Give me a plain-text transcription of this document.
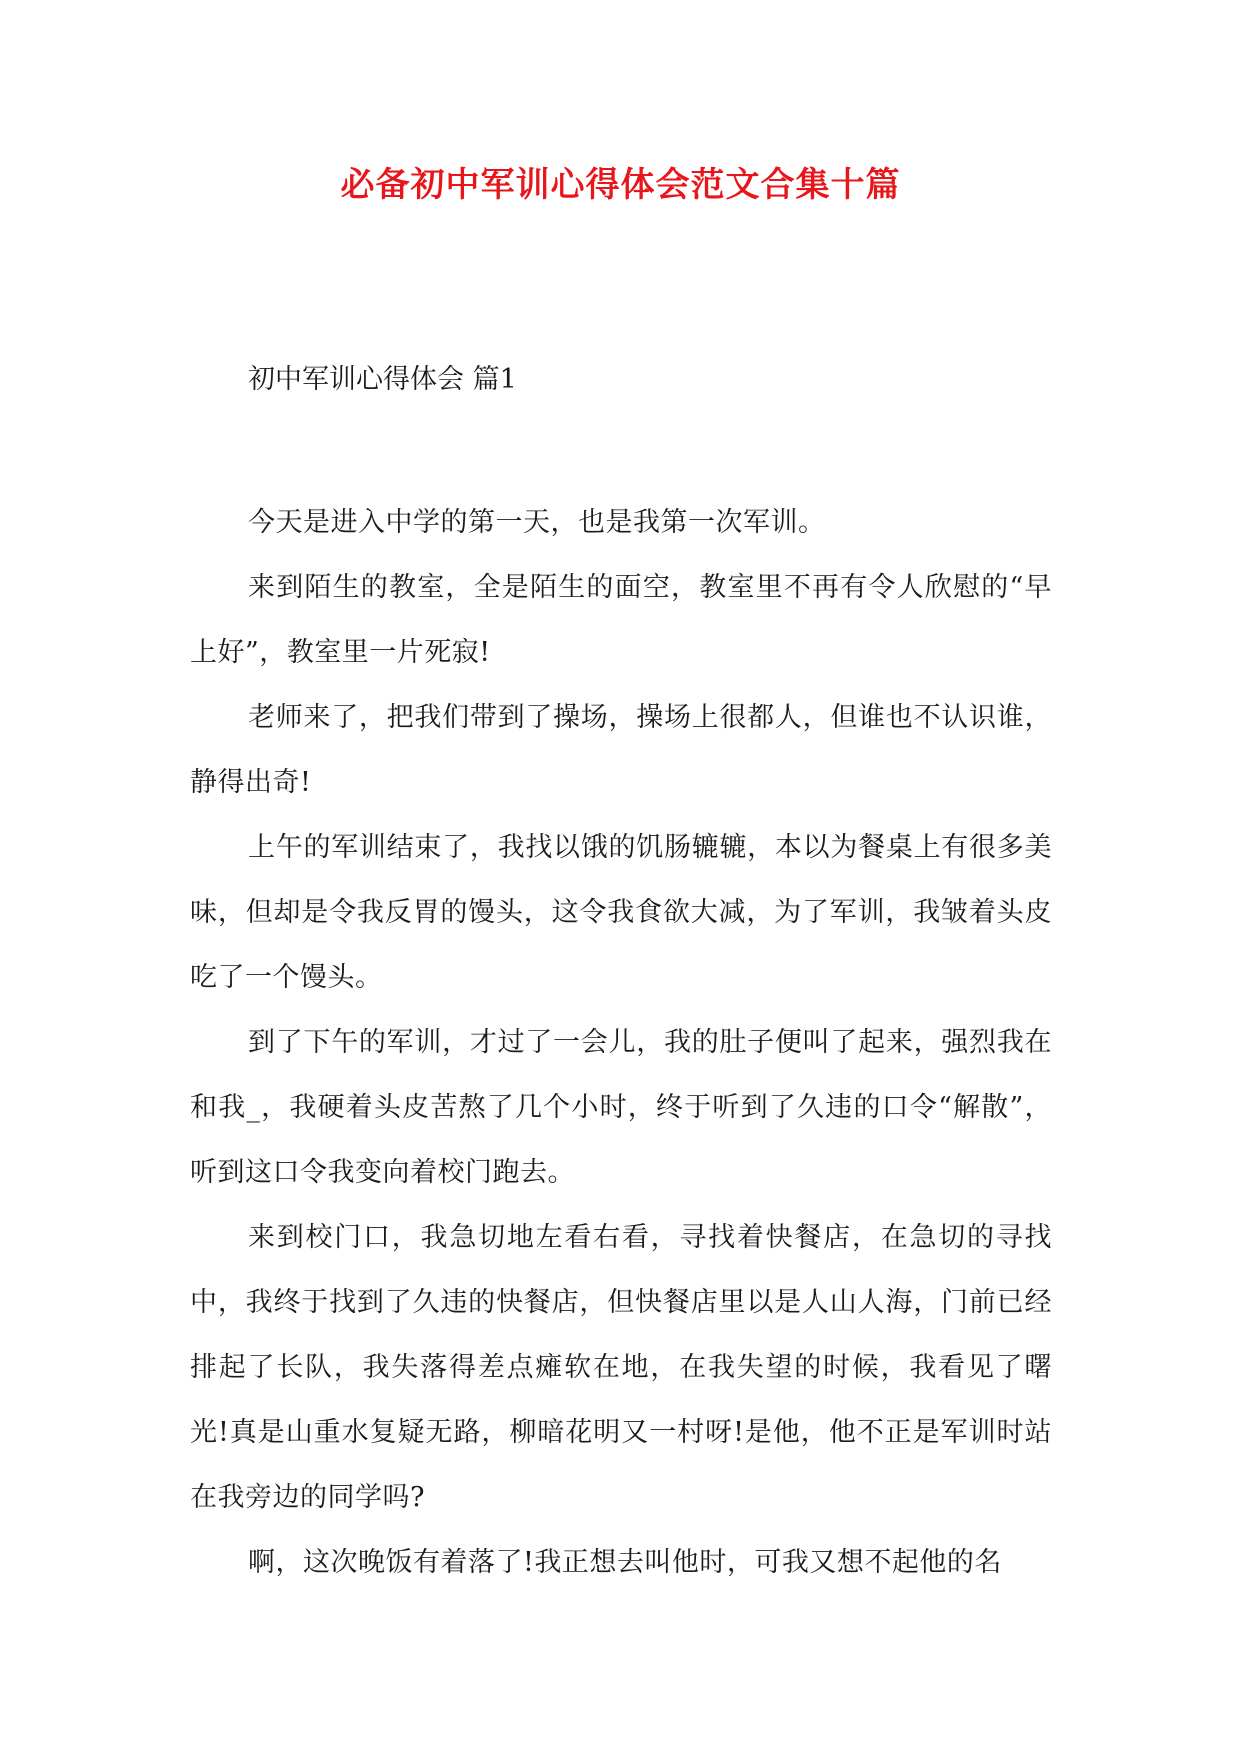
必备初中军训心得体会范文合集十篇
初中军训心得体会 篇1

今天是进入中学的第一天，也是我第一次军训。

来到陌生的教室，全是陌生的面空，教室里不再有令人欣慰的“早上好”，教室里一片死寂!

老师来了，把我们带到了操场，操场上很都人，但谁也不认识谁，静得出奇!

上午的军训结束了，我找以饿的饥肠辘辘，本以为餐桌上有很多美味，但却是令我反胃的馒头，这令我食欲大减，为了军训，我皱着头皮吃了一个馒头。

到了下午的军训，才过了一会儿，我的肚子便叫了起来，强烈我在和我_，我硬着头皮苦熬了几个小时，终于听到了久违的口令“解散”，听到这口令我变向着校门跑去。

来到校门口，我急切地左看右看，寻找着快餐店，在急切的寻找中，我终于找到了久违的快餐店，但快餐店里以是人山人海，门前已经排起了长队，我失落得差点瘫软在地，在我失望的时候，我看见了曙光!真是山重水复疑无路，柳暗花明又一村呀!是他，他不正是军训时站在我旁边的同学吗?

啊，这次晚饭有着落了!我正想去叫他时，可我又想不起他的名
